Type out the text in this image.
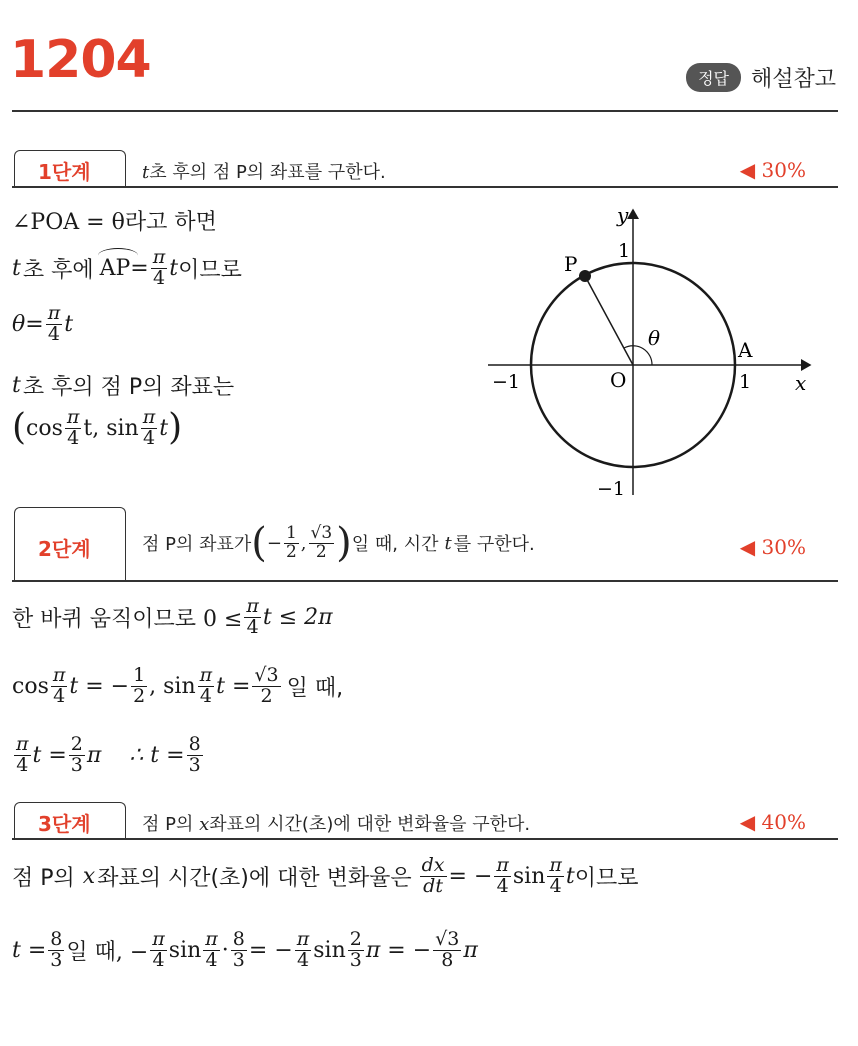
1204	정답	해설참고
1단계	t초 후의 점 P의 좌표를 구한다.	◀ 30%
∠POA = θ라고 하면
t 초 후에 AP = $\frac{\pi}{4}$ t 이므로
$\theta= \frac{\pi}{4}$ t
t 초 후의 점 P의 좌표는
( $\cos \frac{\pi}{4} t$, $\sin \frac{\pi}{4}$ t )
y
x
O
P
A
θ
1
1
−1
−1
2단계	점 P의 좌표가 ( − $\frac{1}{2}$ , $\frac{√3}{2}$ ) 일 때, 시간 t 를 구한다.	◀ 30%
한 바퀴 움직이므로 $0 \le \frac{\pi}{4}$ t ≤ 2π
$\cos \frac{\pi}{4}$ t = − $\frac{1}{2}$ , $\sin \frac{\pi}{4}$ $t = \frac{√3}{2}$ 일 때,
$\frac{\pi}{4}$ $t = \frac{2}{3}$ π    ∴ $t = \frac{8}{3}$
3단계	점 P의 x좌표의 시간(초)에 대한 변화율을 구한다.	◀ 40%
점 P의 x 좌표의 시간(초)에 대한 변화율은 $\frac{dx}{dt}$ = − $\frac{\pi}{4}$ $\sin \frac{\pi}{4}$ t 이므로
$t = \frac{8}{3}$ 일 때, − $\frac{\pi}{4}$ $\sin \frac{\pi}{4} \cdot \frac{8}{3}$ = − $\frac{\pi}{4}$ $\sin \frac{2}{3}$ π = − $\frac{√3}{8}$ π
